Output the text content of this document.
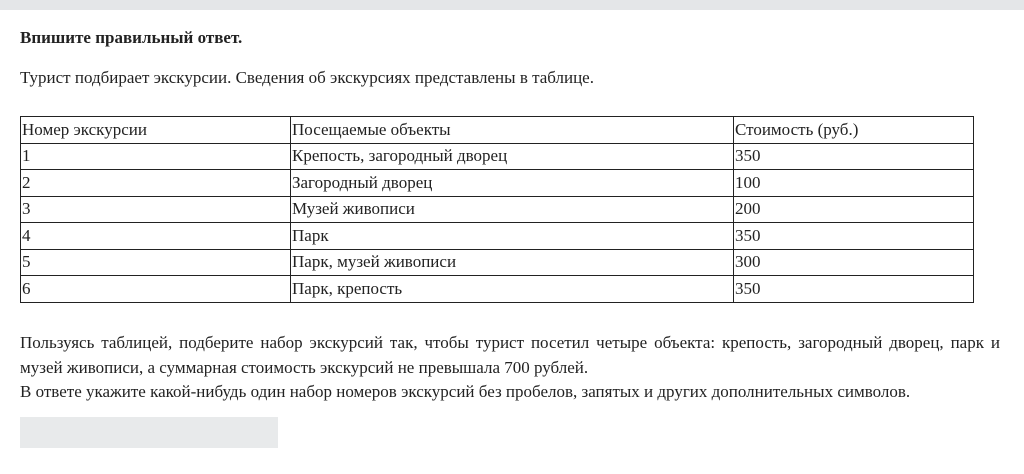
Впишите правильный ответ.

Турист подбирает экскурсии. Сведения об экскурсиях представлены в таблице.

Номер экскурсии	Посещаемые объекты	Стоимость (руб.)
1	Крепость, загородный дворец	350
2	Загородный дворец	100
3	Музей живописи	200
4	Парк	350
5	Парк, музей живописи	300
6	Парк, крепость	350
Пользуясь таблицей, подберите набор экскурсий так, чтобы турист посетил четыре объекта: крепость, загородный дворец, парк и музей живописи, а суммарная стоимость экскурсий не превышала 700 рублей.
В ответе укажите какой-нибудь один набор номеров экскурсий без пробелов, запятых и других дополнительных символов.
